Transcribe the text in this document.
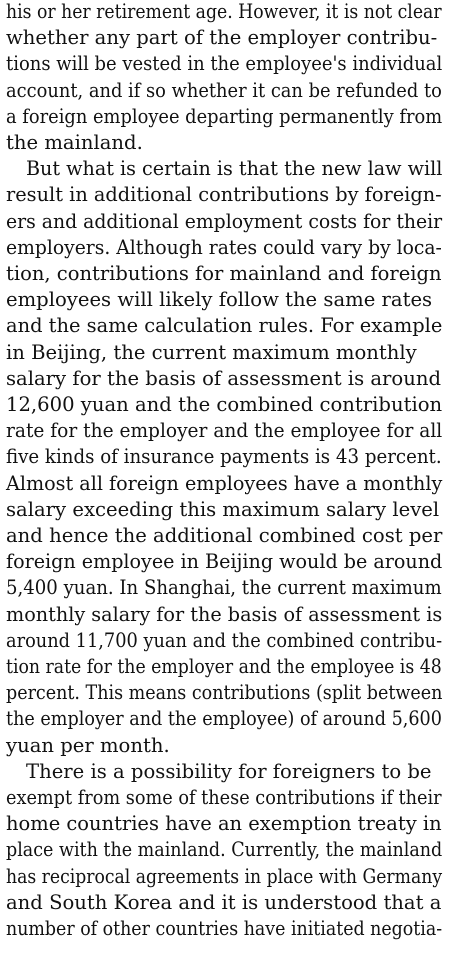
his or her retirement age. However, it is not clear
whether any part of the employer contribu-
tions will be vested in the employee's individual
account, and if so whether it can be refunded to
a foreign employee departing permanently from
the mainland.
But what is certain is that the new law will
result in additional contributions by foreign-
ers and additional employment costs for their
employers. Although rates could vary by loca-
tion, contributions for mainland and foreign
employees will likely follow the same rates
and the same calculation rules. For example
in Beijing, the current maximum monthly
salary for the basis of assessment is around
12,600 yuan and the combined contribution
rate for the employer and the employee for all
five kinds of insurance payments is 43 percent.
Almost all foreign employees have a monthly
salary exceeding this maximum salary level
and hence the additional combined cost per
foreign employee in Beijing would be around
5,400 yuan. In Shanghai, the current maximum
monthly salary for the basis of assessment is
around 11,700 yuan and the combined contribu-
tion rate for the employer and the employee is 48
percent. This means contributions (split between
the employer and the employee) of around 5,600
yuan per month.
There is a possibility for foreigners to be
exempt from some of these contributions if their
home countries have an exemption treaty in
place with the mainland. Currently, the mainland
has reciprocal agreements in place with Germany
and South Korea and it is understood that a
number of other countries have initiated negotia-
